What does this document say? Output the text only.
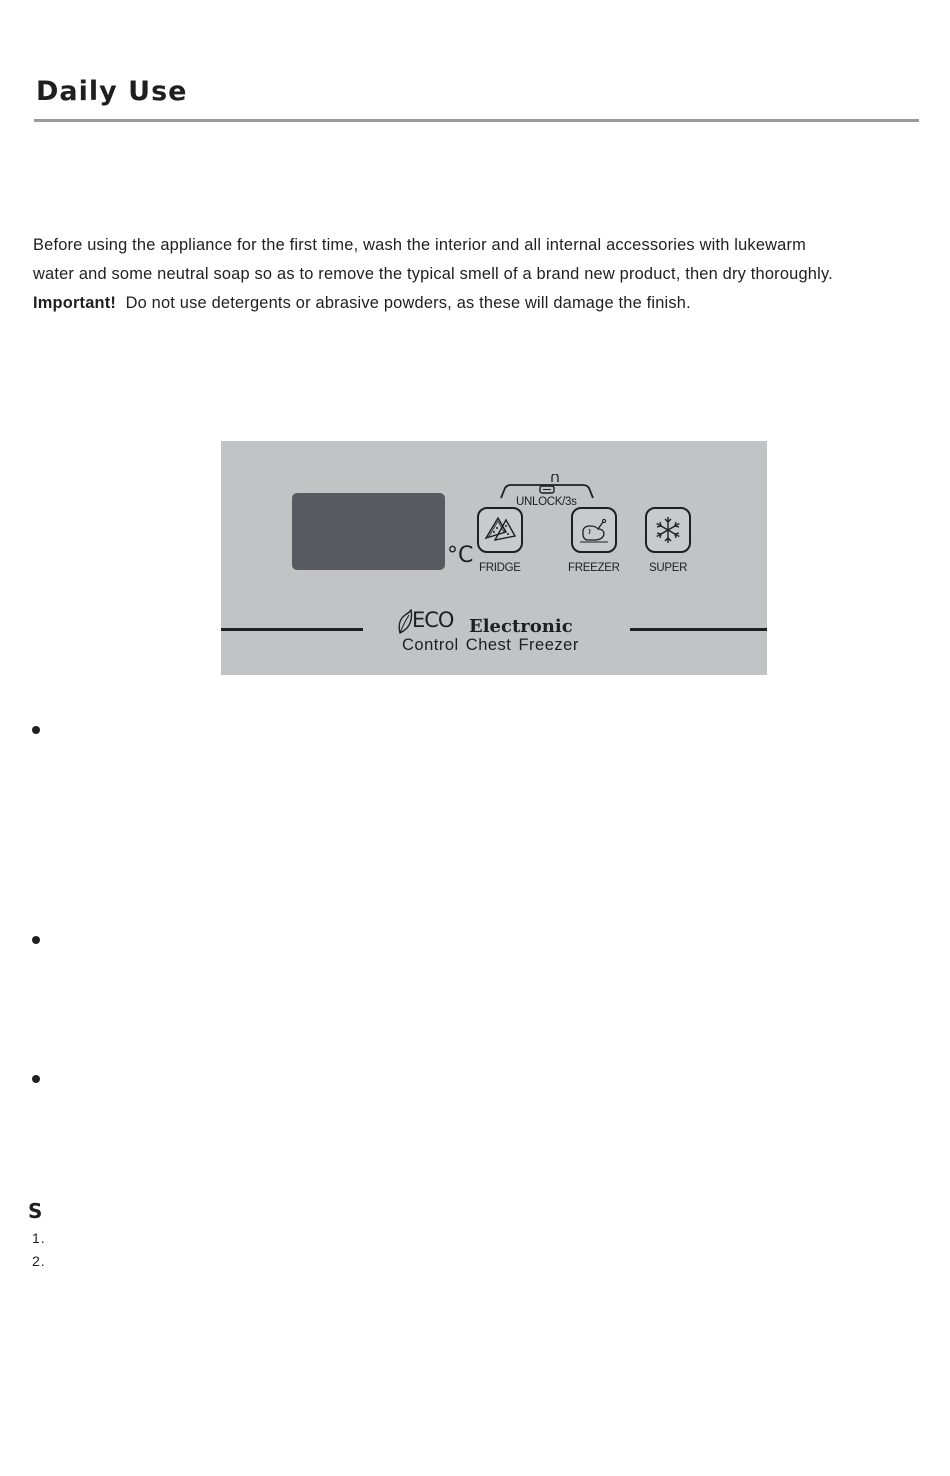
Daily Use

Before using the appliance for the first time, wash the interior and all internal accessories with lukewarm

water and some neutral soap so as to remove the typical smell of a brand new product, then dry thoroughly.

Important! Do not use detergents or abrasive powders, as these will damage the finish.

°C
UNLOCK/3s
FRIDGE	FREEZER	SUPER
ECO Electronic
Control Chest Freezer
S
1.
2.
